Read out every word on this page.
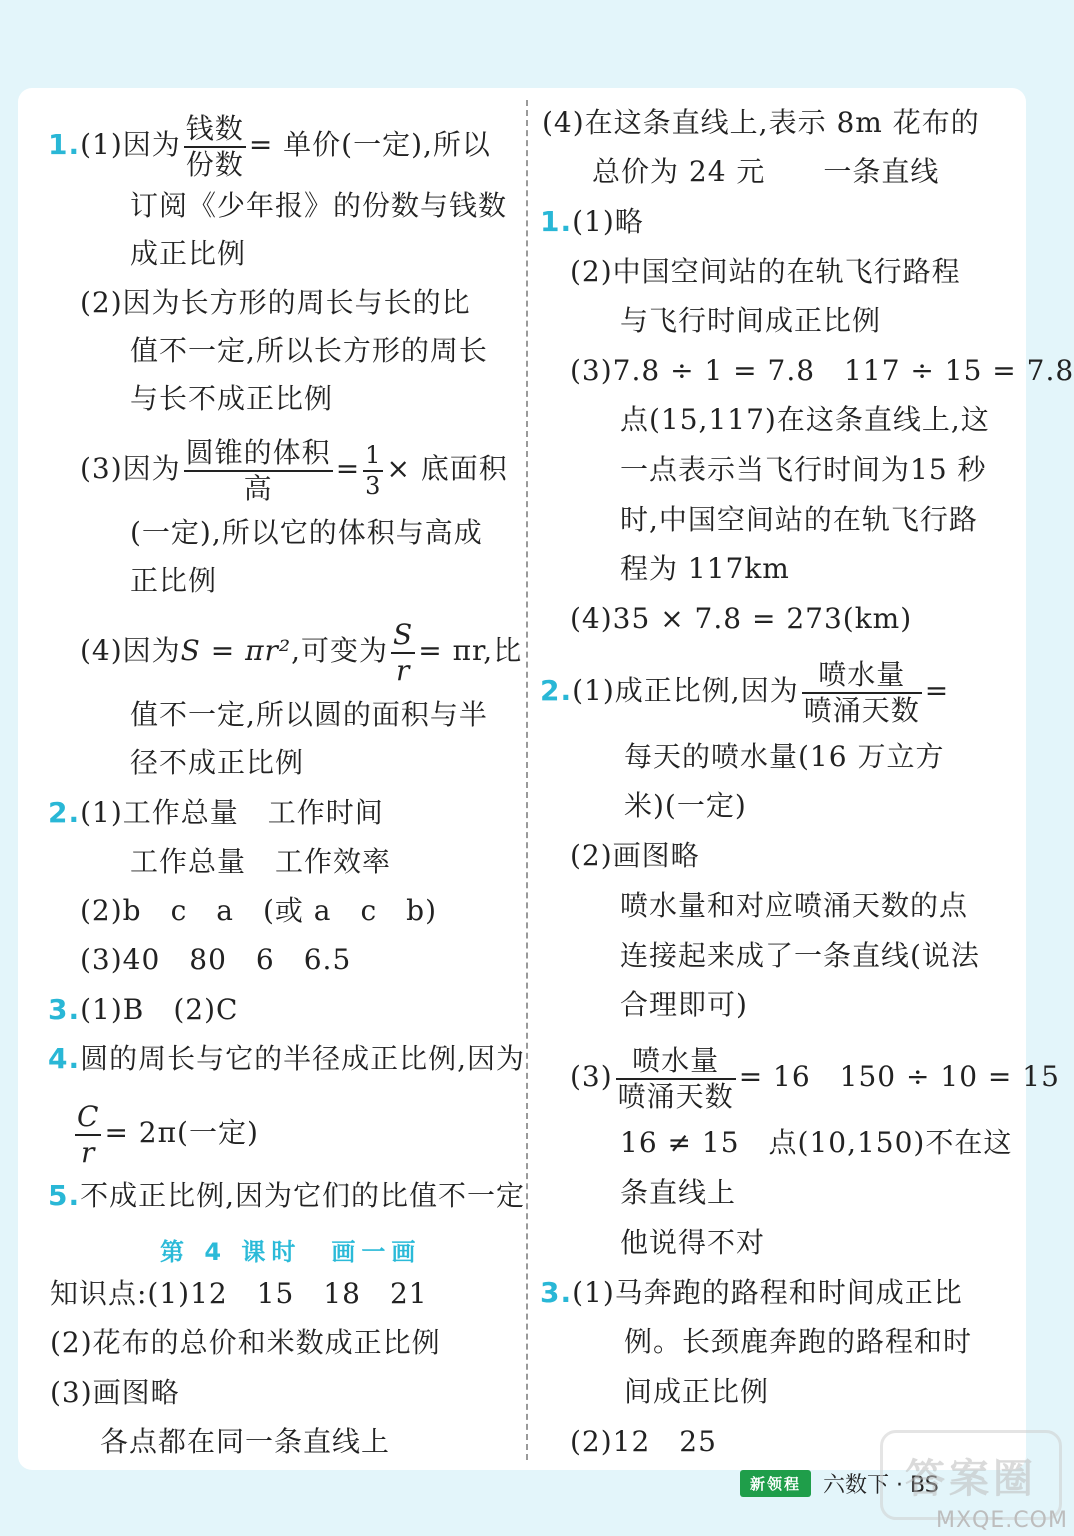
1.(1)因为 $\frac{\text{钱数}}{\text{份数}}$ = 单价(一定),所以
订阅《少年报》的份数与钱数
成正比例
(2)因为长方形的周长与长的比
值不一定,所以长方形的周长
与长不成正比例
(3)因为 $\frac{\text{圆锥的体积}}{\text{高}} = \frac{1}{3}$ × 底面积
(一定),所以它的体积与高成
正比例
(4)因为S = πr²,可变为 $\frac{S}{r} = \pi r$,比
值不一定,所以圆的面积与半
径不成正比例
2.(1)工作总量　工作时间
工作总量　工作效率
(2)b　c　a　(或 a　c　b)
(3)40　80　6　6.5
3.(1)B　(2)C
4.圆的周长与它的半径成正比例,因为
$\frac{C}{r} = 2\pi$(一定)
5.不成正比例,因为它们的比值不一定
第 4 课时　画一画
知识点:(1)12　15　18　21
(2)花布的总价和米数成正比例
(3)画图略
各点都在同一条直线上
(4)在这条直线上,表示 8m 花布的
总价为 24 元　　一条直线
1.(1)略
(2)中国空间站的在轨飞行路程
与飞行时间成正比例
(3)7.8 ÷ 1 = 7.8　117 ÷ 15 = 7.8
点(15,117)在这条直线上,这
一点表示当飞行时间为15 秒
时,中国空间站的在轨飞行路
程为 117km
(4)35 × 7.8 = 273(km)
2.(1)成正比例,因为 $\frac{\text{喷水量}}{\text{喷涌天数}}$ =
每天的喷水量(16 万立方
米)(一定)
(2)画图略
喷水量和对应喷涌天数的点
连接起来成了一条直线(说法
合理即可)
$(3) \frac{\text{喷水量}}{\text{喷涌天数}} = 16$　150 ÷ 10 = 15
16 ≠ 15　点(10,150)不在这
条直线上
他说得不对
3.(1)马奔跑的路程和时间成正比
例。长颈鹿奔跑的路程和时
间成正比例
(2)12　25
新领程	六数下 · BS
答案圈
MXQE.COM
